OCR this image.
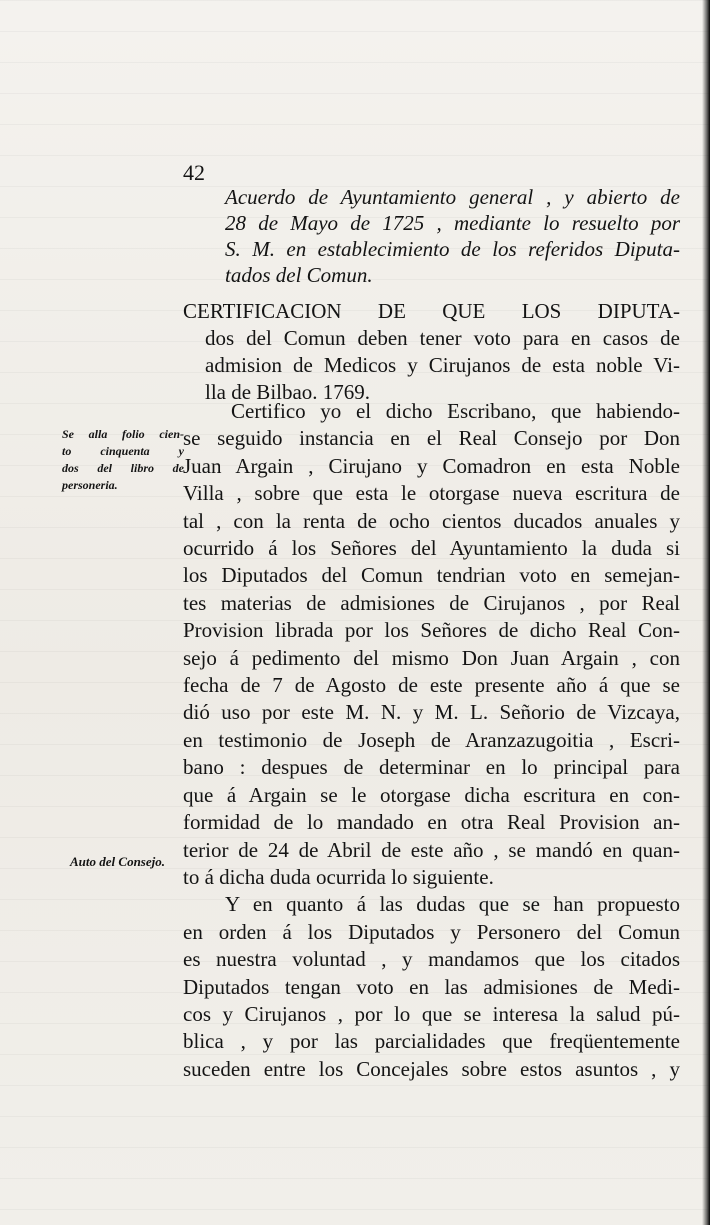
42
Acuerdo de Ayuntamiento general , y abierto de
28 de Mayo de 1725 , mediante lo resuelto por
S. M. en establecimiento de los referidos Diputa-
tados del Comun.
CERTIFICACION DE QUE LOS DIPUTA-
dos del Comun deben tener voto para en casos de
admision de Medicos y Cirujanos de esta noble Vi-
lla de Bilbao. 1769.
Certifico yo el dicho Escribano, que habiendo-
se seguido instancia en el Real Consejo por Don
Juan Argain , Cirujano y Comadron en esta Noble
Villa , sobre que esta le otorgase nueva escritura de
tal , con la renta de ocho cientos ducados anuales y
ocurrido á los Señores del Ayuntamiento la duda si
los Diputados del Comun tendrian voto en semejan-
tes materias de admisiones de Cirujanos , por Real
Provision librada por los Señores de dicho Real Con-
sejo á pedimento del mismo Don Juan Argain , con
fecha de 7 de Agosto de este presente año á que se
dió uso por este M. N. y M. L. Señorio de Vizcaya,
en testimonio de Joseph de Aranzazugoitia , Escri-
bano : despues de determinar en lo principal para
que á Argain se le otorgase dicha escritura en con-
formidad de lo mandado en otra Real Provision an-
terior de 24 de Abril de este año , se mandó en quan-
to á dicha duda ocurrida lo siguiente.
Y en quanto á las dudas que se han propuesto
en orden á los Diputados y Personero del Comun
es nuestra voluntad , y mandamos que los citados
Diputados tengan voto en las admisiones de Medi-
cos y Cirujanos , por lo que se interesa la salud pú-
blica , y por las parcialidades que freqüentemente
suceden entre los Concejales sobre estos asuntos , y
Se alla folio cien-
to cinquenta y
dos del libro de
personeria.
Auto del Consejo.
